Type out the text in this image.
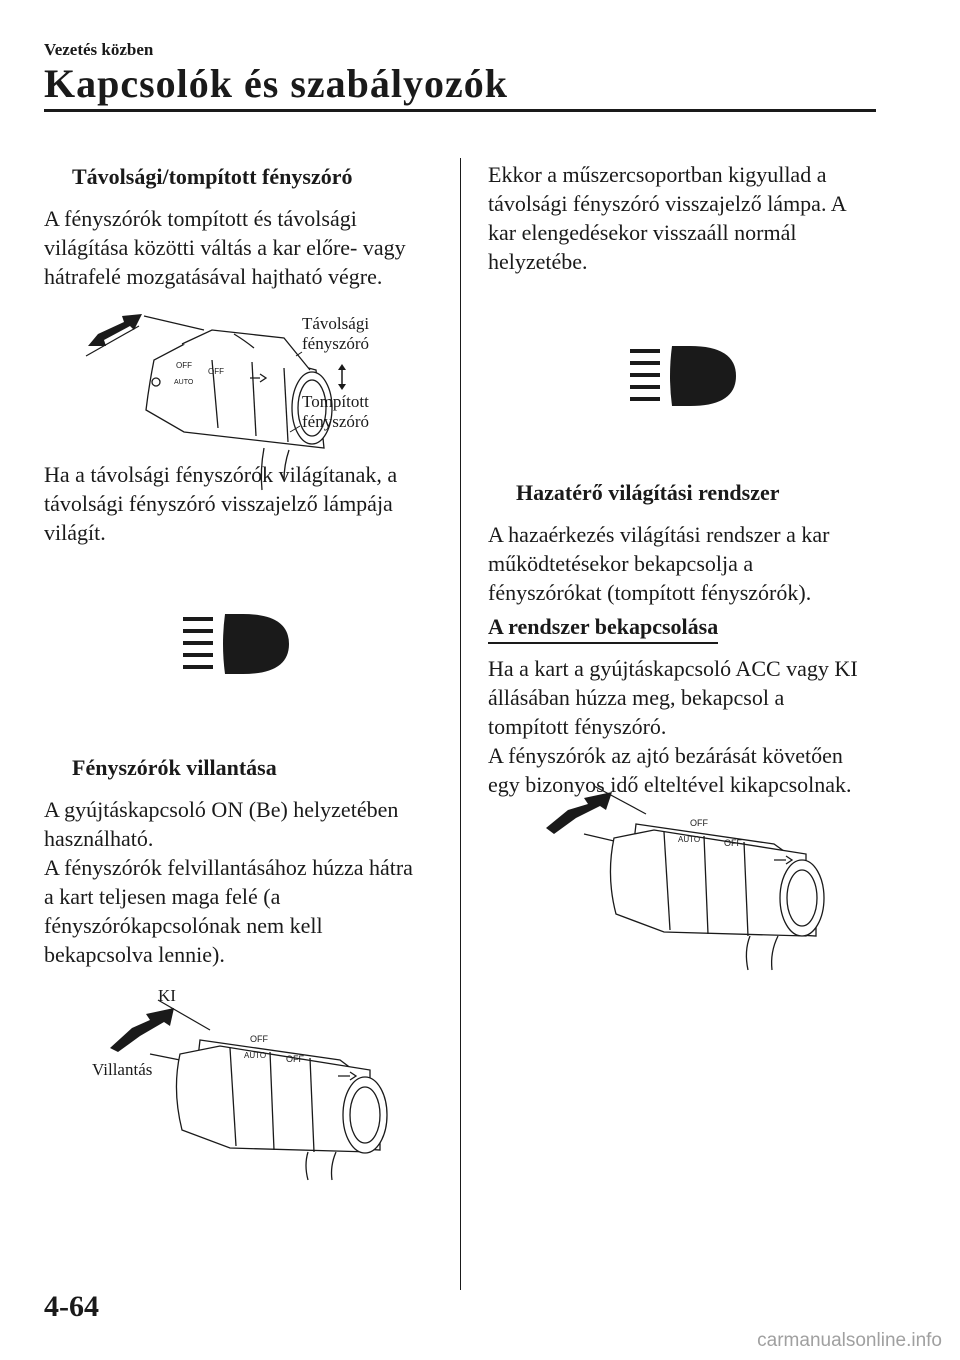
Vezetés közben
Kapcsolók és szabályozók
Távolsági/tompított fényszóró
A fényszórók tompított és távolsági
világítása közötti váltás a kar előre- vagy
hátrafelé mozgatásával hajtható végre.
OFF
AUTO
OFF
Távolsági
fényszóró
Tompított
fényszóró
Ha a távolsági fényszórók világítanak, a
távolsági fényszóró visszajelző lámpája
világít.
Fényszórók villantása
A gyújtáskapcsoló ON (Be) helyzetében
használható.
A fényszórók felvillantásához húzza hátra
a kart teljesen maga felé (a
fényszórókapcsolónak nem kell
bekapcsolva lennie).
OFF
AUTO OFF
KI
Villantás
Ekkor a műszercsoportban kigyullad a
távolsági fényszóró visszajelző lámpa. A
kar elengedésekor visszaáll normál
helyzetébe.
Hazatérő világítási rendszer
A hazaérkezés világítási rendszer a kar
működtetésekor bekapcsolja a
fényszórókat (tompított fényszórók).
A rendszer bekapcsolása
Ha a kart a gyújtáskapcsoló ACC vagy KI
állásában húzza meg, bekapcsol a
tompított fényszóró.
A fényszórók az ajtó bezárását követően
egy bizonyos idő elteltével kikapcsolnak.
OFF
AUTO	OFF
4-64
carmanualsonline.info
